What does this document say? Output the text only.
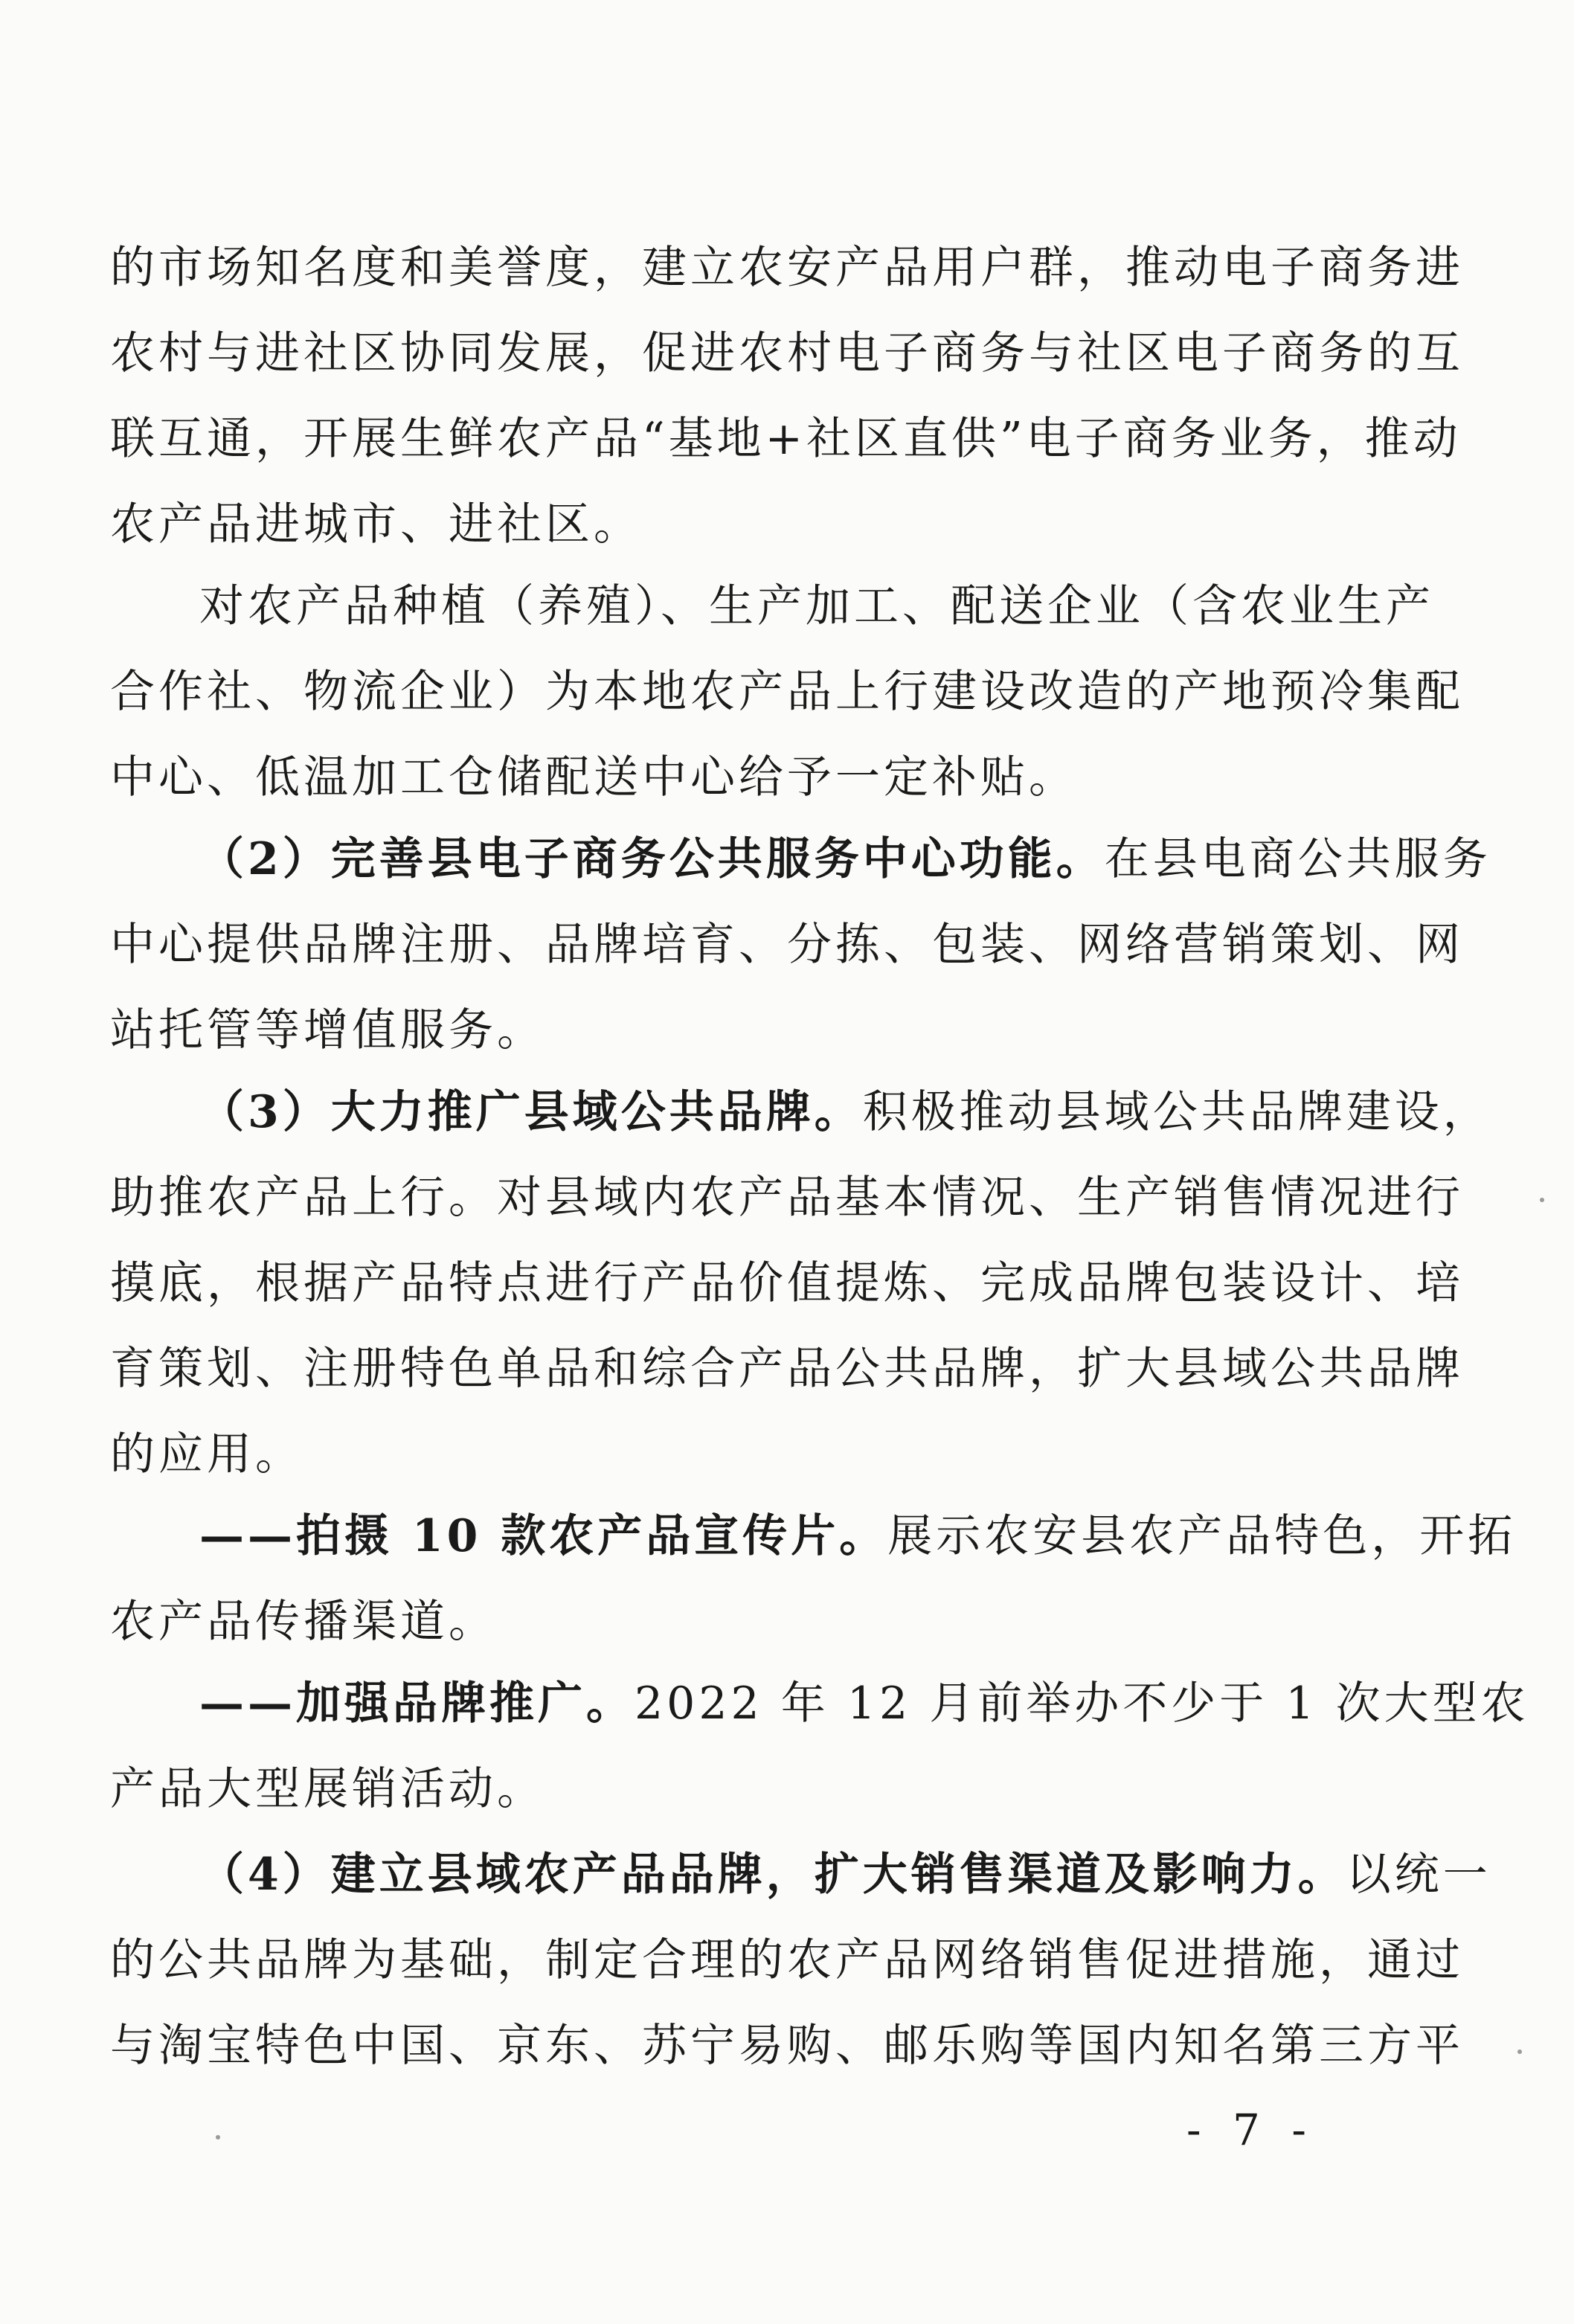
的市场知名度和美誉度，建立农安产品用户群，推动电子商务进
农村与进社区协同发展，促进农村电子商务与社区电子商务的互
联互通，开展生鲜农产品“基地+社区直供”电子商务业务，推动
农产品进城市、进社区。
对农产品种植（养殖）、生产加工、配送企业（含农业生产
合作社、物流企业）为本地农产品上行建设改造的产地预冷集配
中心、低温加工仓储配送中心给予一定补贴。
（2）完善县电子商务公共服务中心功能。在县电商公共服务
中心提供品牌注册、品牌培育、分拣、包装、网络营销策划、网
站托管等增值服务。
（3）大力推广县域公共品牌。积极推动县域公共品牌建设，
助推农产品上行。对县域内农产品基本情况、生产销售情况进行
摸底，根据产品特点进行产品价值提炼、完成品牌包装设计、培
育策划、注册特色单品和综合产品公共品牌，扩大县域公共品牌
的应用。
——拍摄 10 款农产品宣传片。展示农安县农产品特色，开拓
农产品传播渠道。
——加强品牌推广。2022 年 12 月前举办不少于 1 次大型农
产品大型展销活动。
（4）建立县域农产品品牌，扩大销售渠道及影响力。以统一
的公共品牌为基础，制定合理的农产品网络销售促进措施，通过
与淘宝特色中国、京东、苏宁易购、邮乐购等国内知名第三方平
- 7 -
